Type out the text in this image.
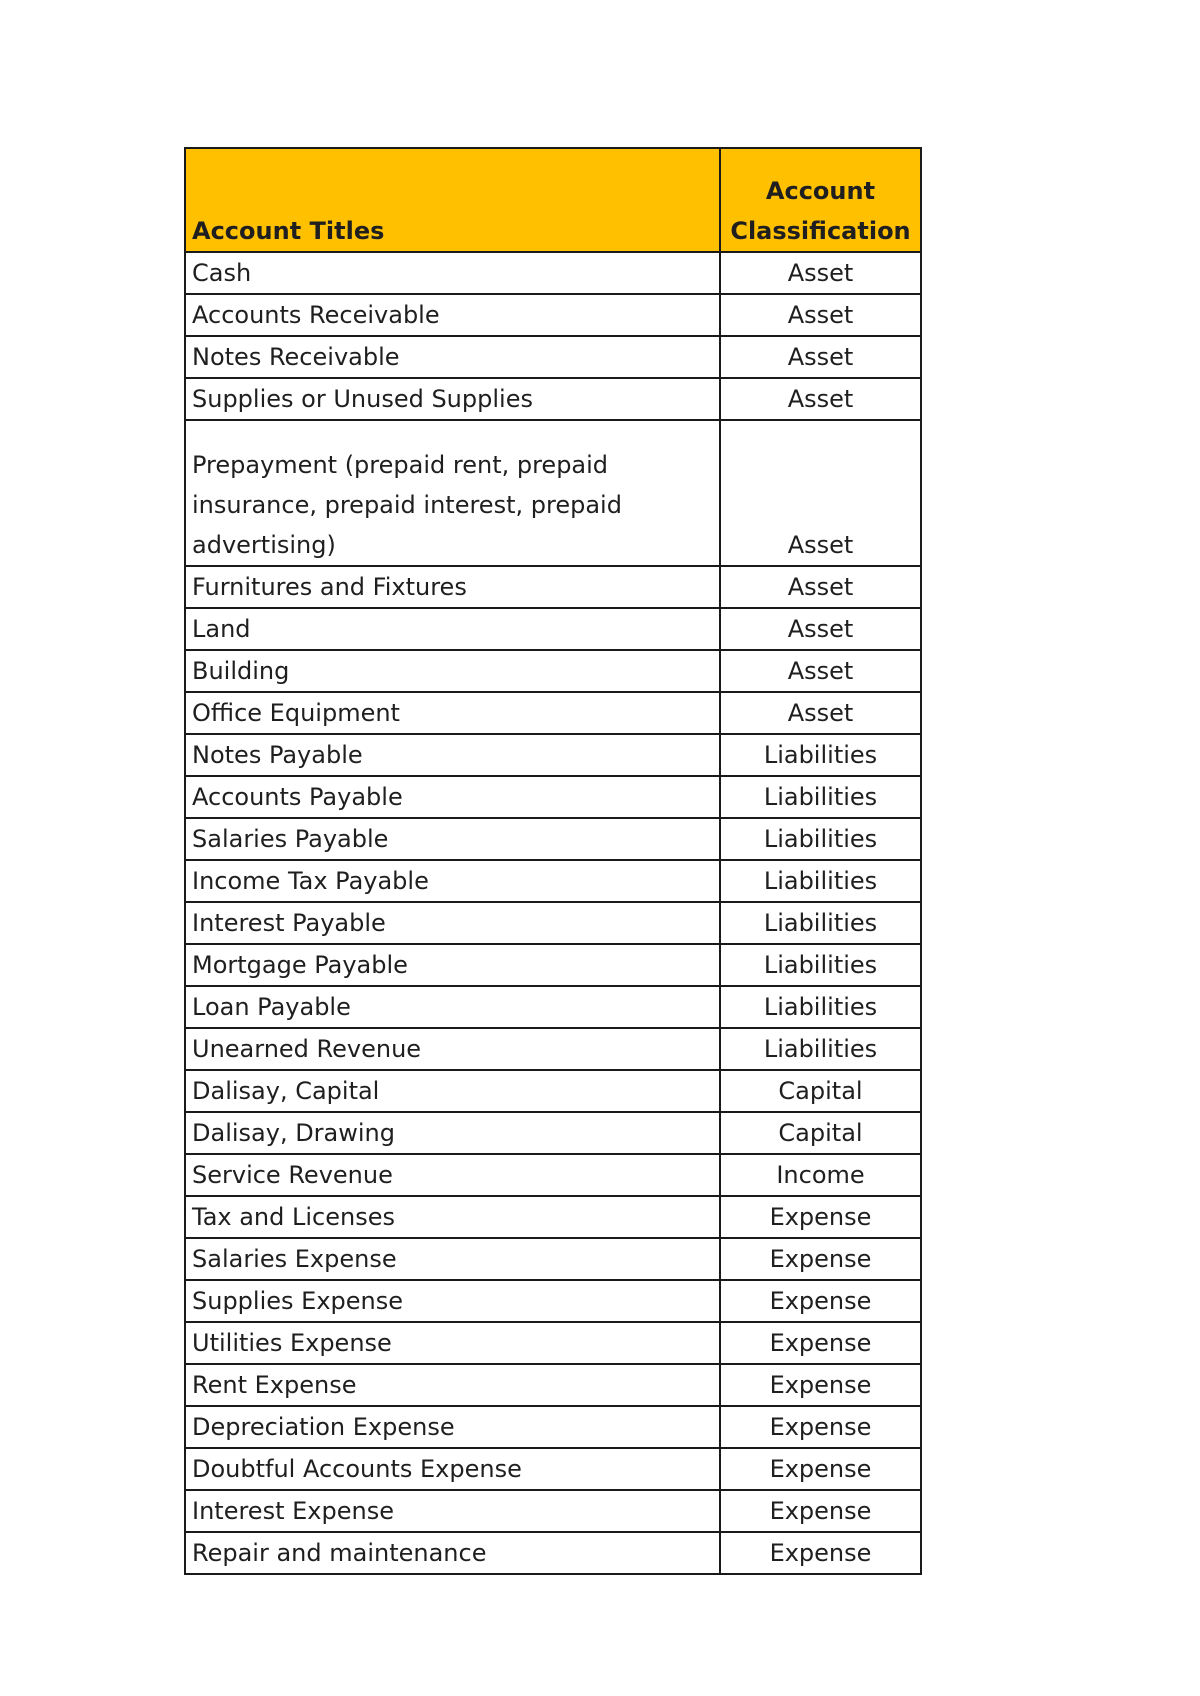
Account Titles	Account Classification
Cash	Asset
Accounts Receivable	Asset
Notes Receivable	Asset
Supplies or Unused Supplies	Asset
Prepayment (prepaid rent, prepaid insurance, prepaid interest, prepaid advertising)	Asset
Furnitures and Fixtures	Asset
Land	Asset
Building	Asset
Office Equipment	Asset
Notes Payable	Liabilities
Accounts Payable	Liabilities
Salaries Payable	Liabilities
Income Tax Payable	Liabilities
Interest Payable	Liabilities
Mortgage Payable	Liabilities
Loan Payable	Liabilities
Unearned Revenue	Liabilities
Dalisay, Capital	Capital
Dalisay, Drawing	Capital
Service Revenue	Income
Tax and Licenses	Expense
Salaries Expense	Expense
Supplies Expense	Expense
Utilities Expense	Expense
Rent Expense	Expense
Depreciation Expense	Expense
Doubtful Accounts Expense	Expense
Interest Expense	Expense
Repair and maintenance	Expense
